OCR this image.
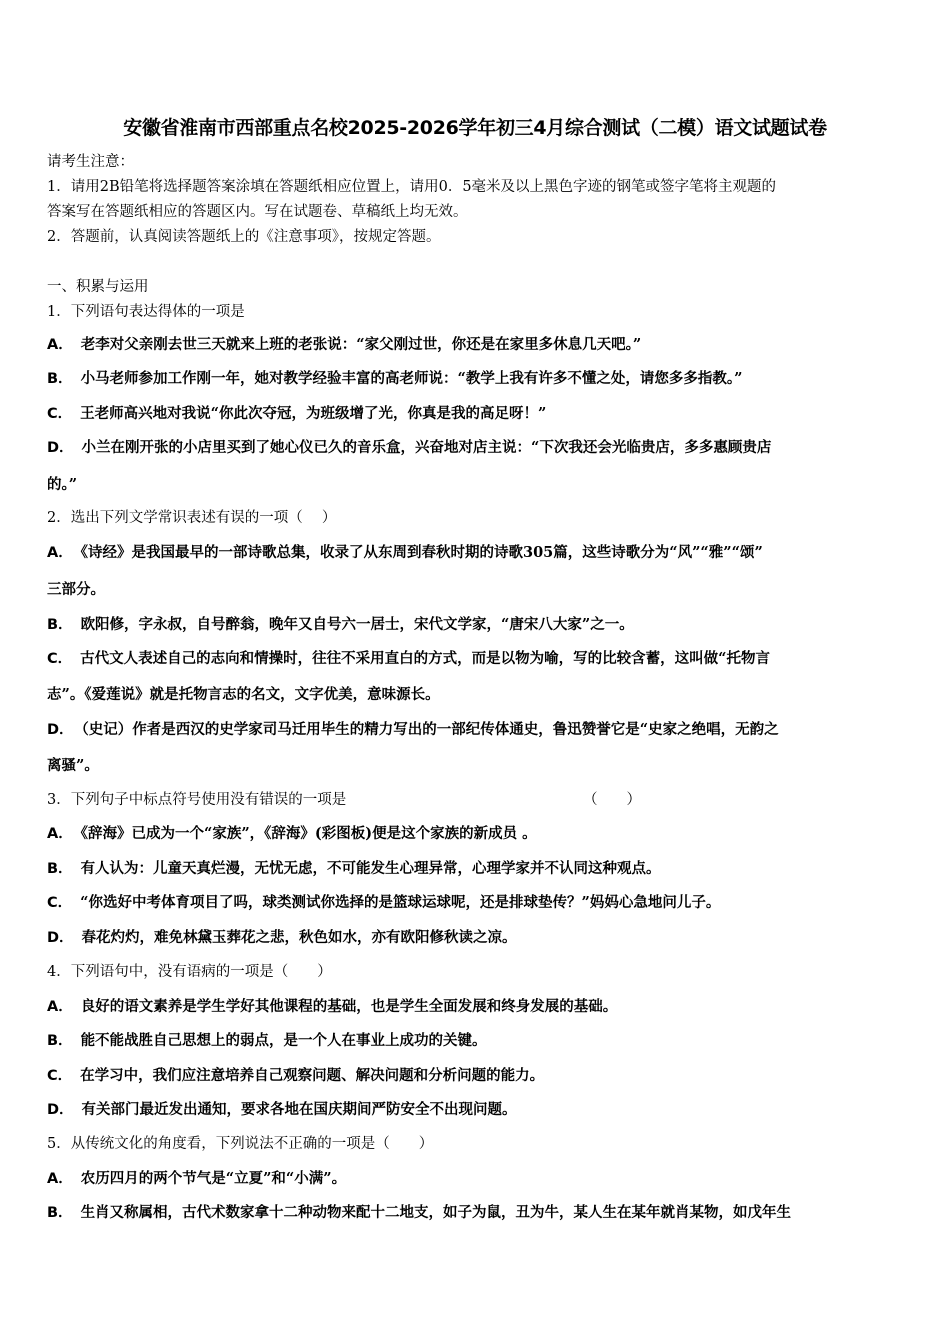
安徽省淮南市西部重点名校2025-2026学年初三4月综合测试（二模）语文试题试卷
请考生注意：
1．请用2B铅笔将选择题答案涂填在答题纸相应位置上，请用0．5毫米及以上黑色字迹的钢笔或签字笔将主观题的
答案写在答题纸相应的答题区内。写在试题卷、草稿纸上均无效。
2．答题前，认真阅读答题纸上的《注意事项》，按规定答题。
一、积累与运用
1．下列语句表达得体的一项是
A． 老李对父亲刚去世三天就来上班的老张说：“家父刚过世，你还是在家里多休息几天吧。”
B． 小马老师参加工作刚一年，她对教学经验丰富的高老师说：“教学上我有许多不懂之处，请您多多指教。”
C． 王老师高兴地对我说“你此次夺冠，为班级增了光，你真是我的高足呀！”
D． 小兰在刚开张的小店里买到了她心仪已久的音乐盒，兴奋地对店主说：“下次我还会光临贵店，多多惠顾贵店
的。”
2．选出下列文学常识表述有误的一项（　 ）
A． 《诗经》是我国最早的一部诗歌总集，收录了从东周到春秋时期的诗歌305篇，这些诗歌分为“风”“雅”“颂”
三部分。
B． 欧阳修，字永叔，自号醉翁，晚年又自号六一居士，宋代文学家，“唐宋八大家”之一。
C． 古代文人表述自己的志向和情操时，往往不采用直白的方式，而是以物为喻，写的比较含蓄，这叫做“托物言
志”。《爱莲说》就是托物言志的名文，文字优美，意味源长。
D． （史记）作者是西汉的史学家司马迁用毕生的精力写出的一部纪传体通史，鲁迅赞誉它是“史家之绝唱，无韵之
离骚”。
3．下列句子中标点符号使用没有错误的一项是	（　　）
A． 《辞海》已成为一个“家族”，《辞海》(彩图板)便是这个家族的新成员 。
B． 有人认为：儿童天真烂漫，无忧无虑，不可能发生心理异常，心理学家并不认同这种观点。
C． “你选好中考体育项目了吗，球类测试你选择的是篮球运球呢，还是排球垫传？”妈妈心急地问儿子。
D． 春花灼灼，难免林黛玉葬花之悲，秋色如水，亦有欧阳修秋读之凉。
4．下列语句中，没有语病的一项是（　　）
A． 良好的语文素养是学生学好其他课程的基础，也是学生全面发展和终身发展的基础。
B． 能不能战胜自己思想上的弱点，是一个人在事业上成功的关键。
C． 在学习中，我们应注意培养自己观察问题、解决问题和分析问题的能力。
D． 有关部门最近发出通知，要求各地在国庆期间严防安全不出现问题。
5．从传统文化的角度看，下列说法不正确的一项是（　　）
A． 农历四月的两个节气是“立夏”和“小满”。
B． 生肖又称属相，古代术数家拿十二种动物来配十二地支，如子为鼠，丑为牛，某人生在某年就肖某物，如戊年生
